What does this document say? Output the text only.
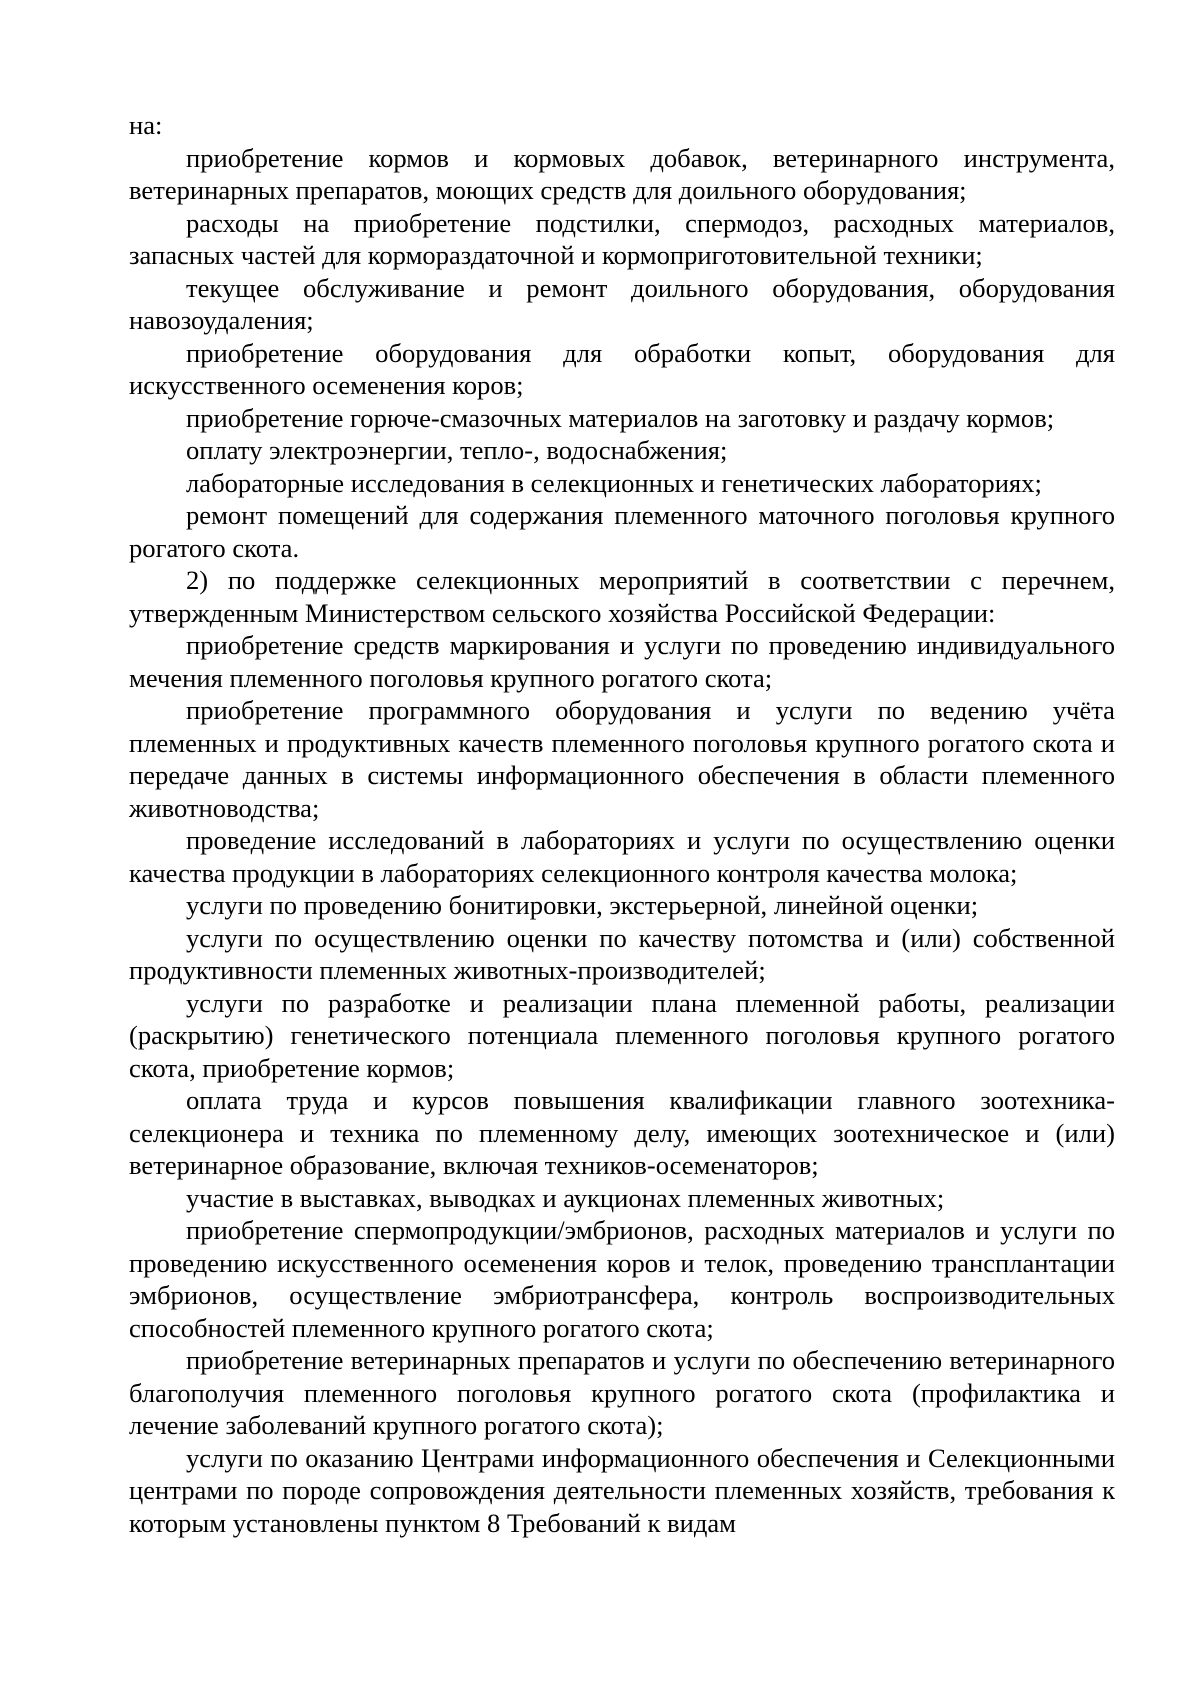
на:

приобретение кормов и кормовых добавок, ветеринарного инструмента, ветеринарных препаратов, моющих средств для доильного оборудования;

расходы на приобретение подстилки, спермодоз, расходных материалов, запасных частей для кормораздаточной и кормоприготовительной техники;

текущее обслуживание и ремонт доильного оборудования, оборудования навозоудаления;

приобретение оборудования для обработки копыт, оборудования для искусственного осеменения коров;

приобретение горюче-смазочных материалов на заготовку и раздачу кормов;

оплату электроэнергии, тепло-, водоснабжения;

лабораторные исследования в селекционных и генетических лабораториях;

ремонт помещений для содержания племенного маточного поголовья крупного рогатого скота.

2) по поддержке селекционных мероприятий в соответствии с перечнем, утвержденным Министерством сельского хозяйства Российской Федерации:

приобретение средств маркирования и услуги по проведению индивидуального мечения племенного поголовья крупного рогатого скота;

приобретение программного оборудования и услуги по ведению учёта племенных и продуктивных качеств племенного поголовья крупного рогатого скота и передаче данных в системы информационного обеспечения в области племенного животноводства;

проведение исследований в лабораториях и услуги по осуществлению оценки качества продукции в лабораториях селекционного контроля качества молока;

услуги по проведению бонитировки, экстерьерной, линейной оценки;

услуги по осуществлению оценки по качеству потомства и (или) собственной продуктивности племенных животных-производителей;

услуги по разработке и реализации плана племенной работы, реализации (раскрытию) генетического потенциала племенного поголовья крупного рогатого скота, приобретение кормов;

оплата труда и курсов повышения квалификации главного зоотехника-селекционера и техника по племенному делу, имеющих зоотехническое и (или) ветеринарное образование, включая техников-осеменаторов;

участие в выставках, выводках и аукционах племенных животных;

приобретение спермопродукции/эмбрионов, расходных материалов и услуги по проведению искусственного осеменения коров и телок, проведению трансплантации эмбрионов, осуществление эмбриотрансфера, контроль воспроизводительных способностей племенного крупного рогатого скота;

приобретение ветеринарных препаратов и услуги по обеспечению ветеринарного благополучия племенного поголовья крупного рогатого скота (профилактика и лечение заболеваний крупного рогатого скота);

услуги по оказанию Центрами информационного обеспечения и Селекционными центрами по породе сопровождения деятельности племенных хозяйств, требования к которым установлены пунктом 8 Требований к видам
